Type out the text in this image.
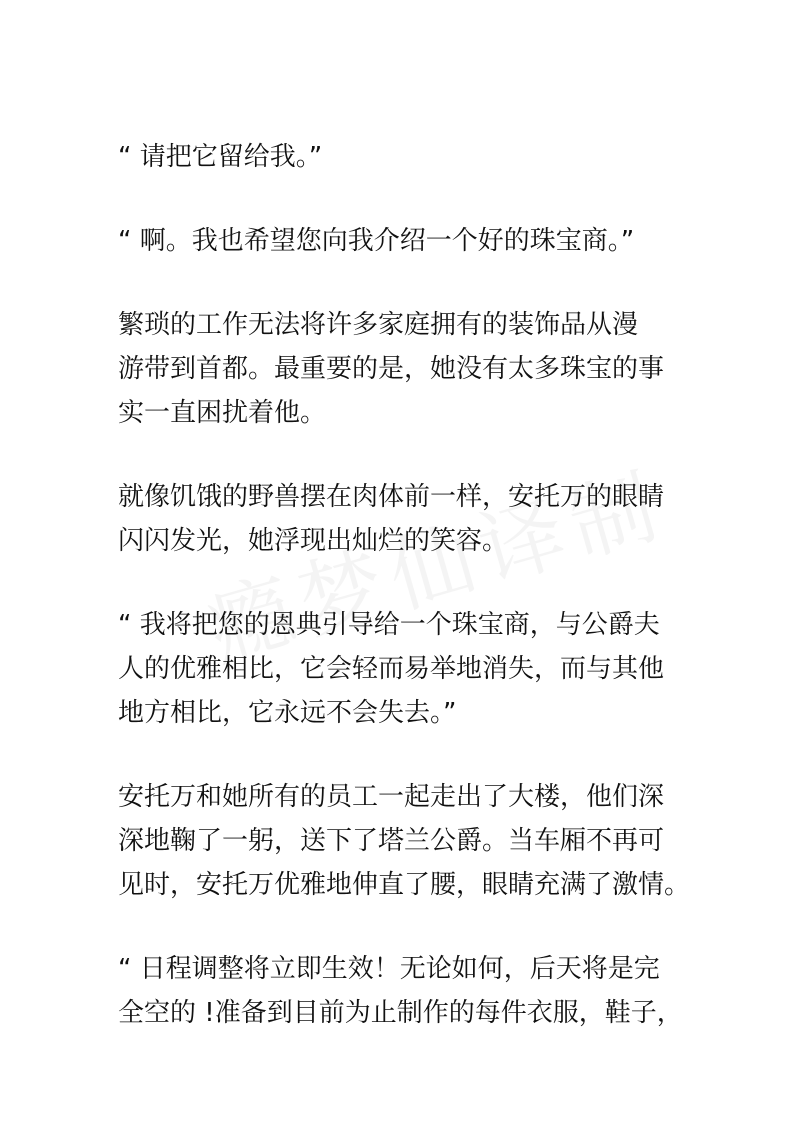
“ 请把它留给我。”

“ 啊。我也希望您向我介绍一个好的珠宝商。”

繁琐的工作无法将许多家庭拥有的装饰品从漫
游带到首都。最重要的是，她没有太多珠宝的事
实一直困扰着他。

就像饥饿的野兽摆在肉体前一样，安托万的眼睛
闪闪发光，她浮现出灿烂的笑容。

“ 我将把您的恩典引导给一个珠宝商，与公爵夫
人的优雅相比，它会轻而易举地消失，而与其他
地方相比，它永远不会失去。”

安托万和她所有的员工一起走出了大楼，他们深
深地鞠了一躬，送下了塔兰公爵。当车厢不再可
见时，安托万优雅地伸直了腰，眼睛充满了激情。

“ 日程调整将立即生效！无论如何，后天将是完
全空的 !准备到目前为止制作的每件衣服，鞋子，
